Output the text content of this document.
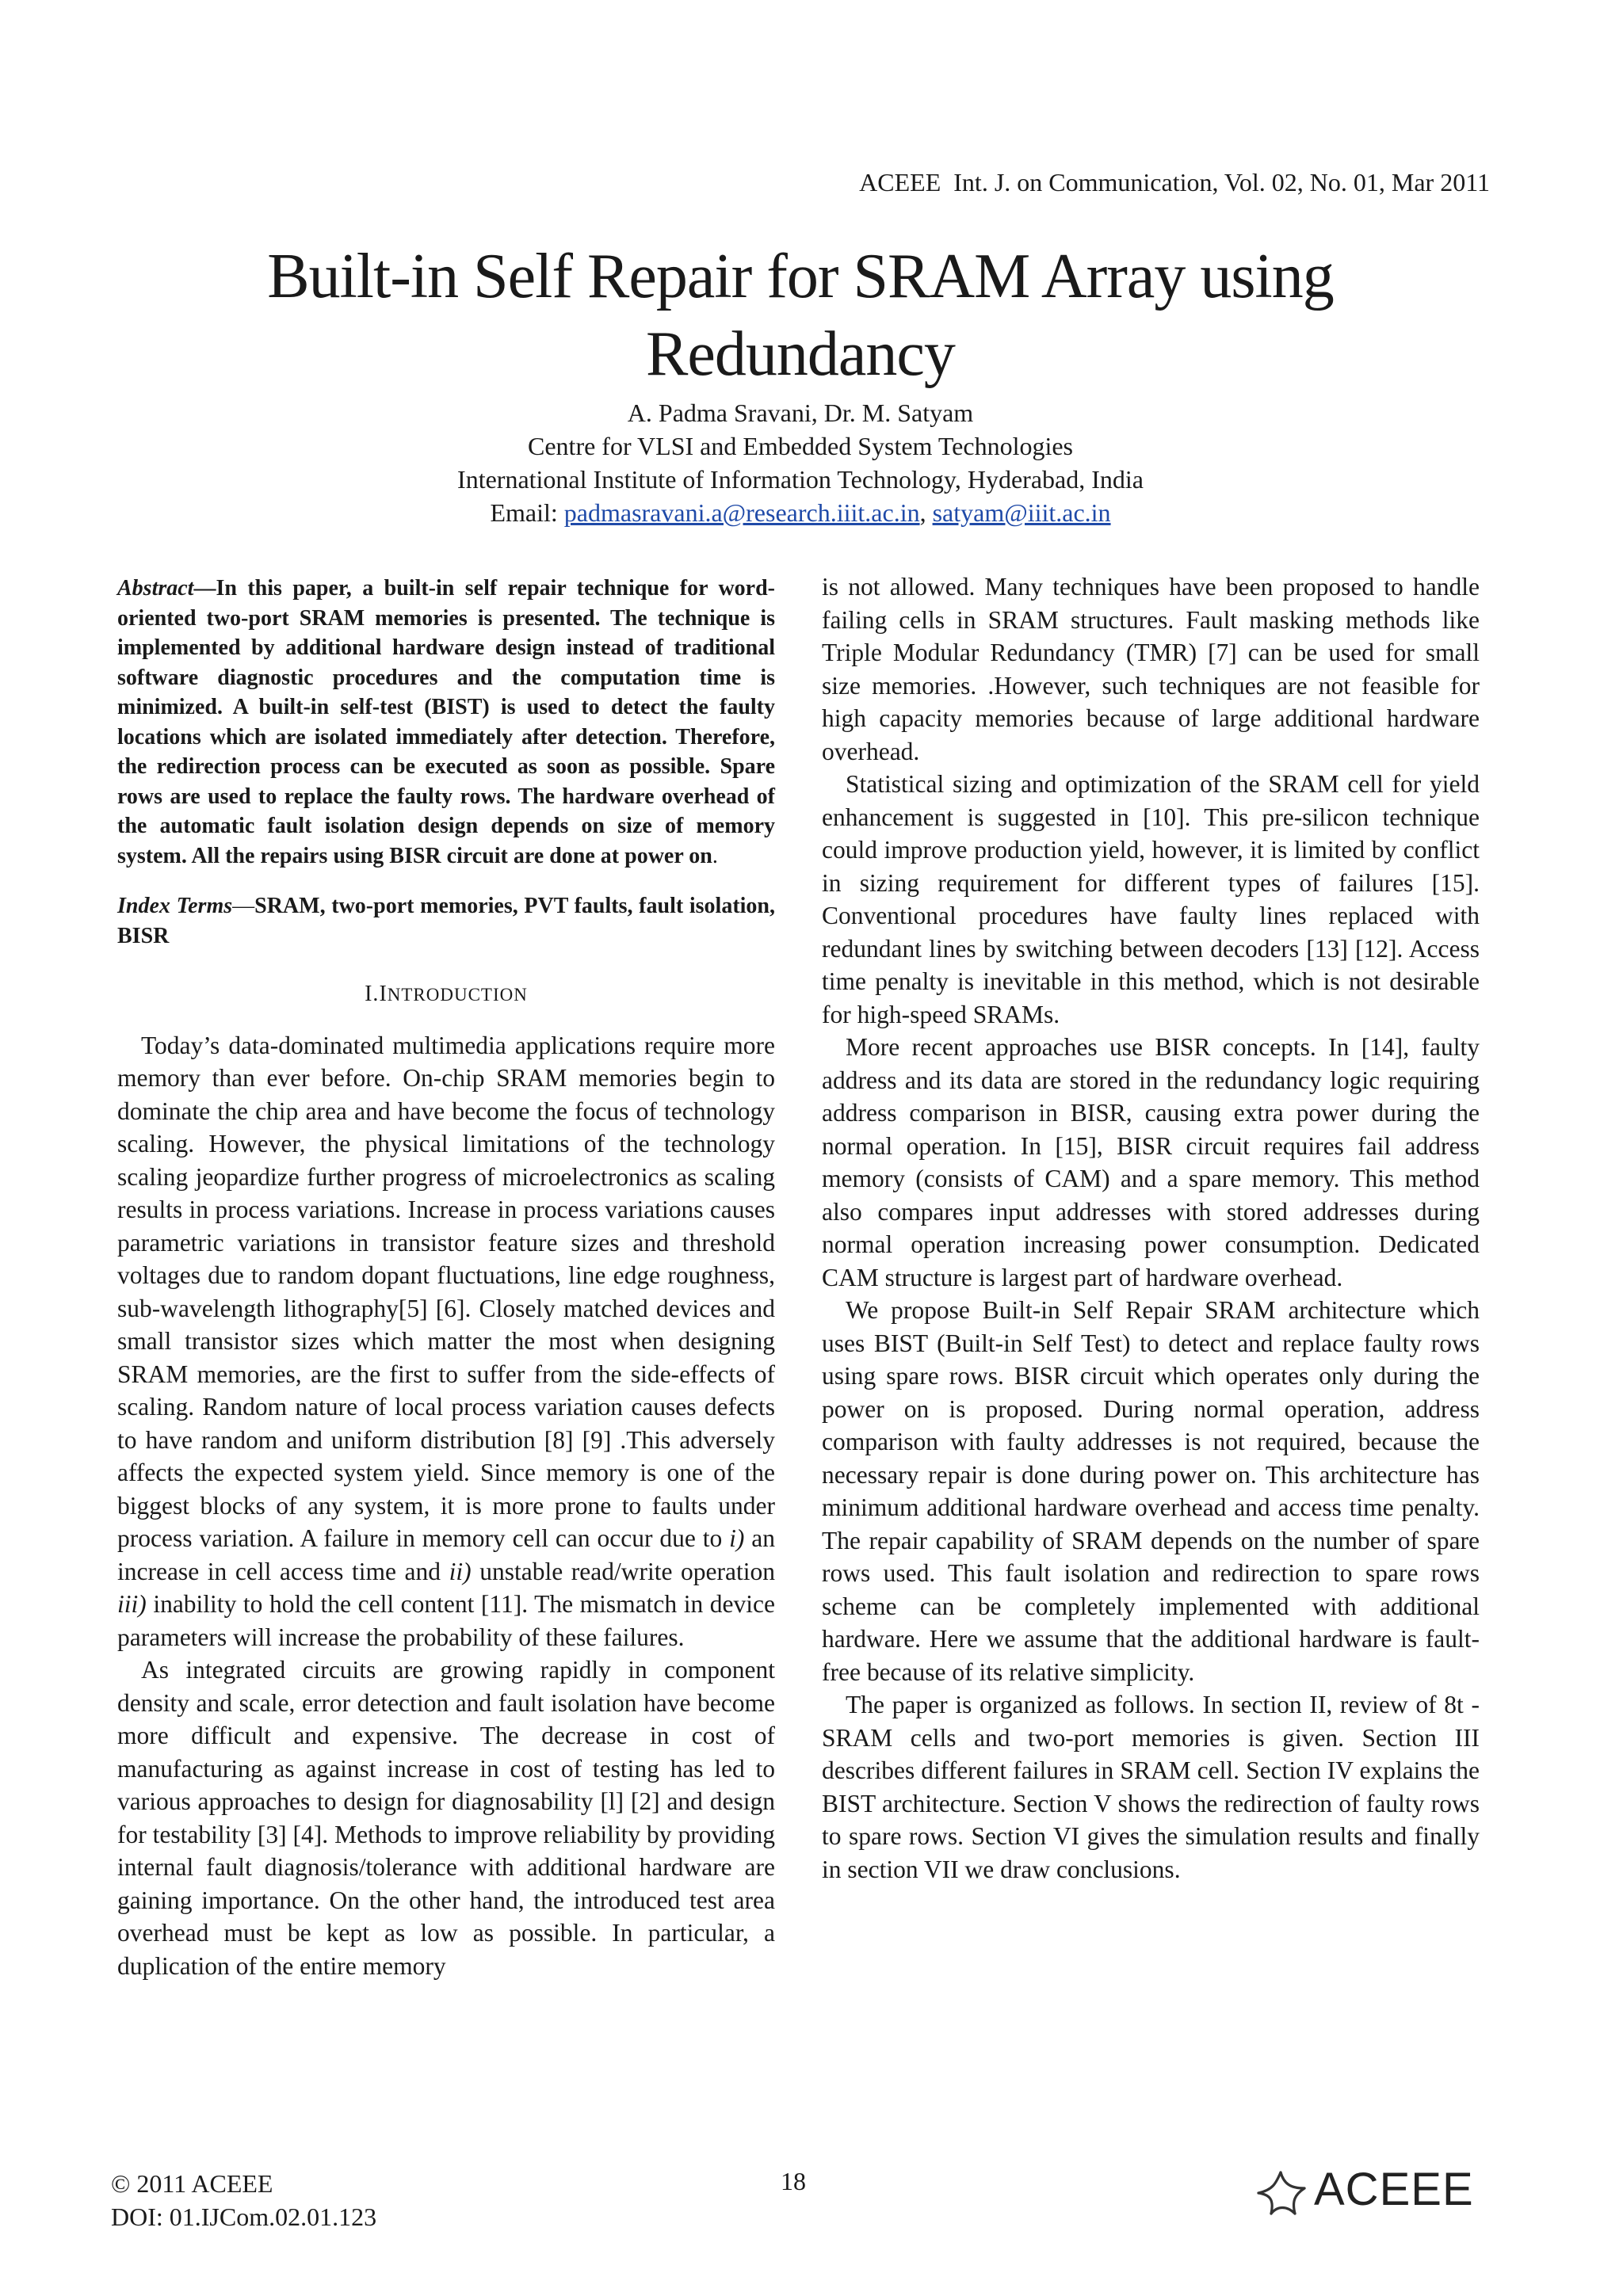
ACEEE  Int. J. on Communication, Vol. 02, No. 01, Mar 2011
Built-in Self Repair for SRAM Array using
Redundancy
A. Padma Sravani, Dr. M. Satyam
Centre for VLSI and Embedded System Technologies
International Institute of Information Technology, Hyderabad, India
Email: padmasravani.a@research.iiit.ac.in, satyam@iiit.ac.in

Abstract—In this paper, a built-in self repair technique for word-oriented two-port SRAM memories is presented. The technique is implemented by additional hardware design instead of traditional software diagnostic procedures and the computation time is minimized. A built-in self-test (BIST) is used to detect the faulty locations which are isolated immediately after detection. Therefore, the redirection process can be executed as soon as possible. Spare rows are used to replace the faulty rows. The hardware overhead of the automatic fault isolation design depends on size of memory system. All the repairs using BISR circuit are done at power on.

Index Terms—SRAM, two-port memories, PVT faults, fault isolation, BISR

I.INTRODUCTION

Today’s data-dominated multimedia applications require more memory than ever before. On-chip SRAM memories begin to dominate the chip area and have become the focus of technology scaling. However, the physical limitations of the technology scaling jeopardize further progress of microelectronics as scaling results in process variations. Increase in process variations causes parametric variations in transistor feature sizes and threshold voltages due to random dopant fluctuations, line edge roughness, sub-wavelength lithography[5] [6]. Closely matched devices and small transistor sizes which matter the most when designing SRAM memories, are the first to suffer from the side-effects of scaling. Random nature of local process variation causes defects to have random and uniform distribution [8] [9] .This adversely affects the expected system yield. Since memory is one of the biggest blocks of any system, it is more prone to faults under process variation. A failure in memory cell can occur due to i) an increase in cell access time and ii) unstable read/write operation iii) inability to hold the cell content [11]. The mismatch in device parameters will increase the probability of these failures.

As integrated circuits are growing rapidly in component density and scale, error detection and fault isolation have become more difficult and expensive. The decrease in cost of manufacturing as against increase in cost of testing has led to various approaches to design for diagnosability [l] [2] and design for testability [3] [4]. Methods to improve reliability by providing internal fault diagnosis/tolerance with additional hardware are gaining importance. On the other hand, the introduced test area overhead must be kept as low as possible. In particular, a duplication of the entire memory

is not allowed. Many techniques have been proposed to handle failing cells in SRAM structures. Fault masking methods like Triple Modular Redundancy (TMR) [7] can be used for small size memories. .However, such techniques are not feasible for high capacity memories because of large additional hardware overhead.

Statistical sizing and optimization of the SRAM cell for yield enhancement is suggested in [10]. This pre-silicon technique could improve production yield, however, it is limited by conflict in sizing requirement for different types of failures [15]. Conventional procedures have faulty lines replaced with redundant lines by switching between decoders [13] [12]. Access time penalty is inevitable in this method, which is not desirable for high-speed SRAMs.

More recent approaches use BISR concepts. In [14], faulty address and its data are stored in the redundancy logic requiring address comparison in BISR, causing extra power during the normal operation. In [15], BISR circuit requires fail address memory (consists of CAM) and a spare memory. This method also compares input addresses with stored addresses during normal operation increasing power consumption. Dedicated CAM structure is largest part of hardware overhead.

We propose Built-in Self Repair SRAM architecture which uses BIST (Built-in Self Test) to detect and replace faulty rows using spare rows. BISR circuit which operates only during the power on is proposed. During normal operation, address comparison with faulty addresses is not required, because the necessary repair is done during power on. This architecture has minimum additional hardware overhead and access time penalty. The repair capability of SRAM depends on the number of spare rows used. This fault isolation and redirection to spare rows scheme can be completely implemented with additional hardware. Here we assume that the additional hardware is fault-free because of its relative simplicity.

The paper is organized as follows. In section II, review of 8t - SRAM cells and two-port memories is given. Section III describes different failures in SRAM cell. Section IV explains the BIST architecture. Section V shows the redirection of faulty rows to spare rows. Section VI gives the simulation results and finally in section VII we draw conclusions.

© 2011 ACEEE
DOI: 01.IJCom.02.01.123
18	ACEEE
